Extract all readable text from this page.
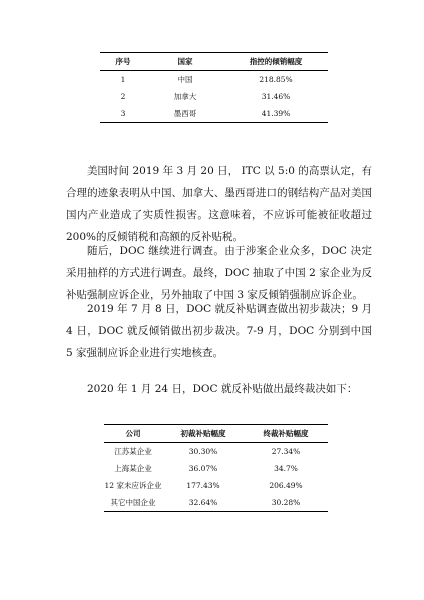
序号	国家	指控的倾销幅度
1	中国	218.85%
2	加拿大	31.46%
3	墨西哥	41.39%

美国时间 2019 年 3 月 20 日， ITC 以 5:0 的高票认定，有合理的迹象表明从中国、加拿大、墨西哥进口的钢结构产品对美国国内产业造成了实质性损害。这意味着，不应诉可能被征收超过 200%的反倾销税和高额的反补贴税。

随后，DOC 继续进行调查。由于涉案企业众多，DOC 决定采用抽样的方式进行调查。最终，DOC 抽取了中国 2 家企业为反补贴强制应诉企业，另外抽取了中国 3 家反倾销强制应诉企业。

2019 年 7 月 8 日，DOC 就反补贴调查做出初步裁决；9 月 4 日，DOC 就反倾销做出初步裁决。7-9 月，DOC 分别到中国 5 家强制应诉企业进行实地核查。

2020 年 1 月 24 日，DOC 就反补贴做出最终裁决如下：

公司	初裁补贴幅度	终裁补贴幅度
江苏某企业	30.30%	27.34%
上海某企业	36.07%	34.7%
12 家未应诉企业	177.43%	206.49%
其它中国企业	32.64%	30.28%
